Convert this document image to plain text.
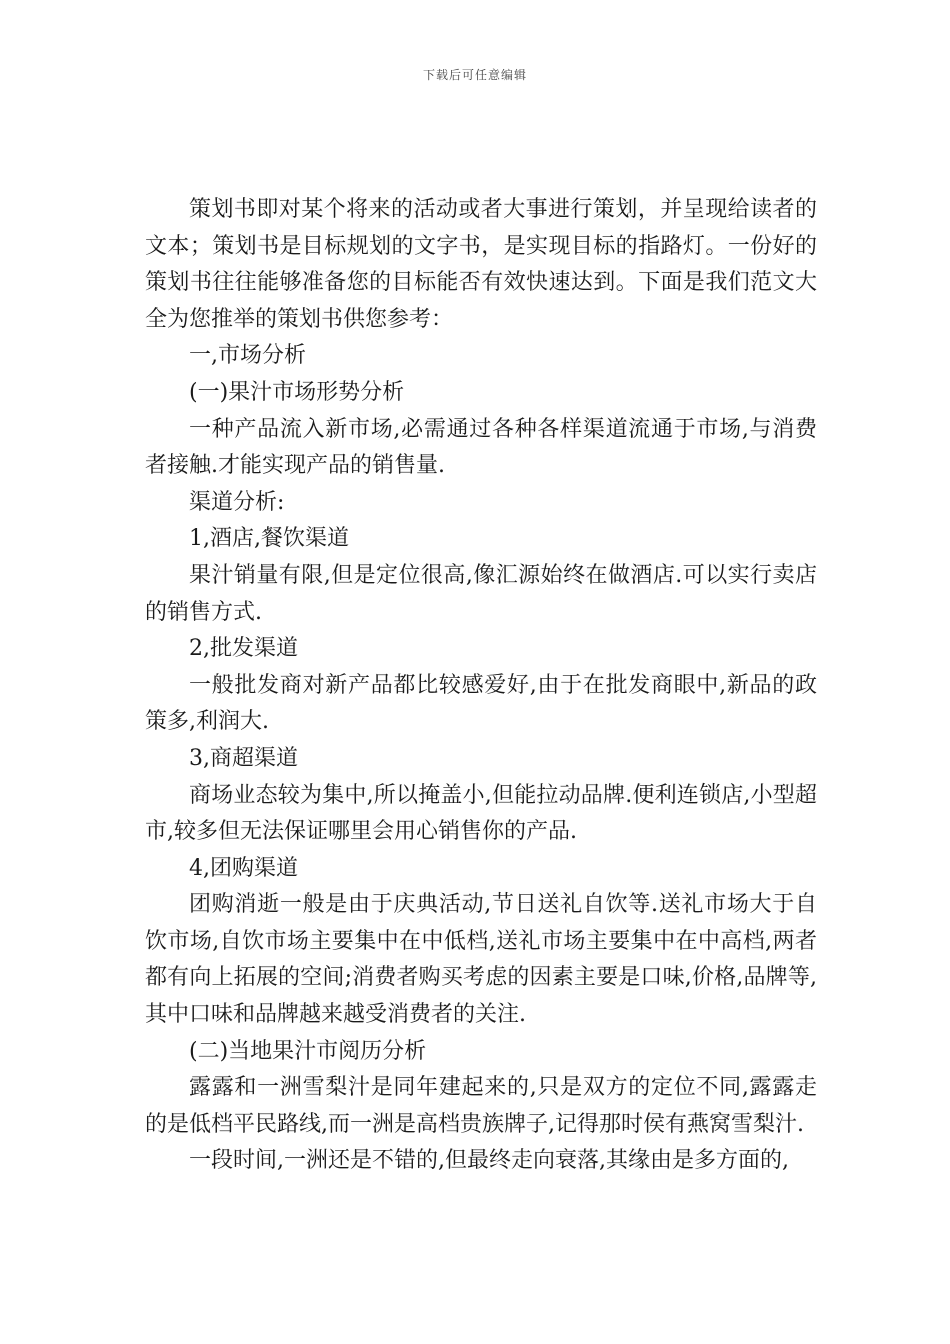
下载后可任意编辑

策划书即对某个将来的活动或者大事进行策划，并呈现给读者的文本；策划书是目标规划的文字书，是实现目标的指路灯。一份好的策划书往往能够准备您的目标能否有效快速达到。下面是我们范文大全为您推举的策划书供您参考：

一,市场分析

(一)果汁市场形势分析

一种产品流入新市场,必需通过各种各样渠道流通于市场,与消费者接触.才能实现产品的销售量.

渠道分析:

1,酒店,餐饮渠道

果汁销量有限,但是定位很高,像汇源始终在做酒店.可以实行卖店的销售方式.

2,批发渠道

一般批发商对新产品都比较感爱好,由于在批发商眼中,新品的政策多,利润大.

3,商超渠道

商场业态较为集中,所以掩盖小,但能拉动品牌.便利连锁店,小型超市,较多但无法保证哪里会用心销售你的产品.

4,团购渠道

团购消逝一般是由于庆典活动,节日送礼自饮等.送礼市场大于自饮市场,自饮市场主要集中在中低档,送礼市场主要集中在中高档,两者都有向上拓展的空间;消费者购买考虑的因素主要是口味,价格,品牌等,其中口味和品牌越来越受消费者的关注.

(二)当地果汁市阅历分析

露露和一洲雪梨汁是同年建起来的,只是双方的定位不同,露露走的是低档平民路线,而一洲是高档贵族牌子,记得那时侯有燕窝雪梨汁.

一段时间,一洲还是不错的,但最终走向衰落,其缘由是多方面的,
